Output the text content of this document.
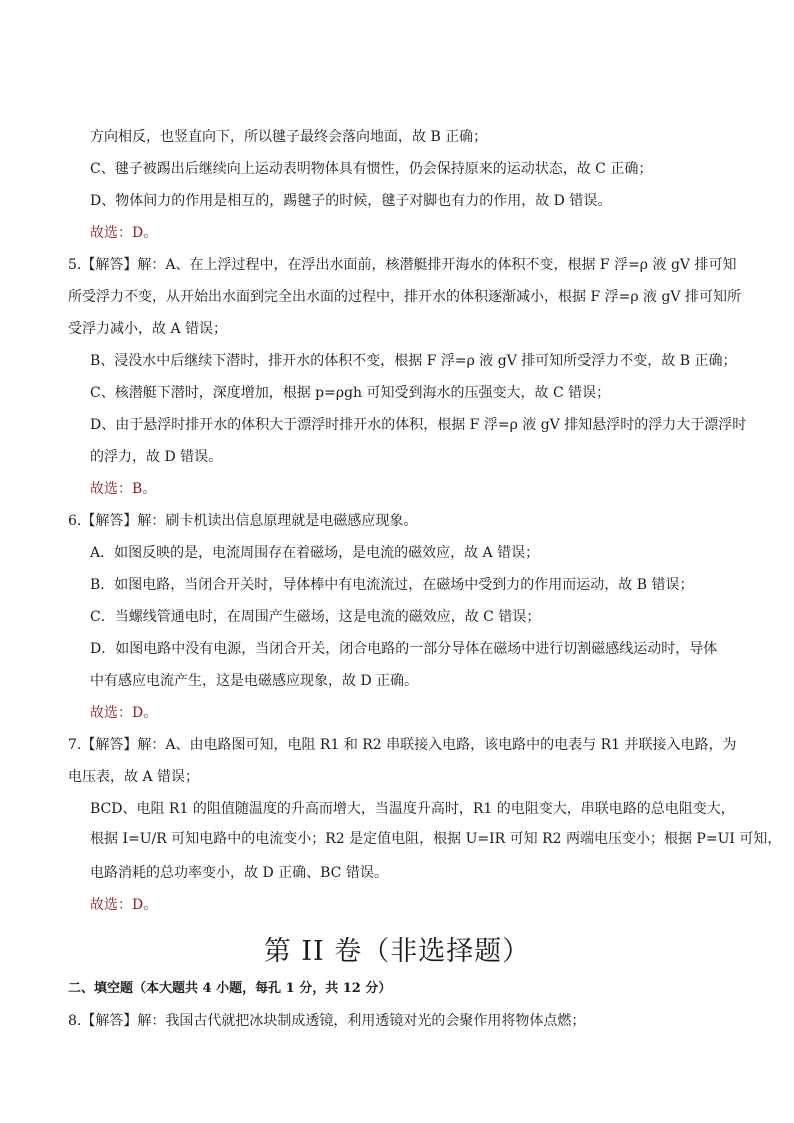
方向相反，也竖直向下，所以毽子最终会落向地面，故 B 正确；
C、毽子被踢出后继续向上运动表明物体具有惯性，仍会保持原来的运动状态，故 C 正确；
D、物体间力的作用是相互的，踢毽子的时候，毽子对脚也有力的作用，故 D 错误。
故选：D。
5.【解答】解：A、在上浮过程中，在浮出水面前，核潜艇排开海水的体积不变，根据 F 浮=ρ 液 gV 排可知
所受浮力不变，从开始出水面到完全出水面的过程中，排开水的体积逐渐减小，根据 F 浮=ρ 液 gV 排可知所
受浮力减小，故 A 错误；
B、浸没水中后继续下潜时，排开水的体积不变，根据 F 浮=ρ 液 gV 排可知所受浮力不变，故 B 正确；
C、核潜艇下潜时，深度增加，根据 p=ρgh 可知受到海水的压强变大，故 C 错误；
D、由于悬浮时排开水的体积大于漂浮时排开水的体积，根据 F 浮=ρ 液 gV 排知悬浮时的浮力大于漂浮时
的浮力，故 D 错误。
故选：B。
6.【解答】解：刷卡机读出信息原理就是电磁感应现象。
A．如图反映的是，电流周围存在着磁场，是电流的磁效应，故 A 错误；
B．如图电路，当闭合开关时，导体棒中有电流流过，在磁场中受到力的作用而运动，故 B 错误；
C．当螺线管通电时，在周围产生磁场，这是电流的磁效应，故 C 错误；
D．如图电路中没有电源，当闭合开关，闭合电路的一部分导体在磁场中进行切割磁感线运动时，导体
中有感应电流产生，这是电磁感应现象，故 D 正确。
故选：D。
7.【解答】解：A、由电路图可知，电阻 R1 和 R2 串联接入电路，该电路中的电表与 R1 并联接入电路，为
电压表，故 A 错误；
BCD、电阻 R1 的阻值随温度的升高而增大，当温度升高时，R1 的电阻变大，串联电路的总电阻变大，
根据 I=U/R 可知电路中的电流变小；R2 是定值电阻，根据 U=IR 可知 R2 两端电压变小；根据 P=UI 可知，
电路消耗的总功率变小，故 D 正确、BC 错误。
故选：D。
第 II 卷（非选择题）
二、填空题（本大题共 4 小题，每孔 1 分，共 12 分）
8.【解答】解：我国古代就把冰块制成透镜，利用透镜对光的会聚作用将物体点燃；
